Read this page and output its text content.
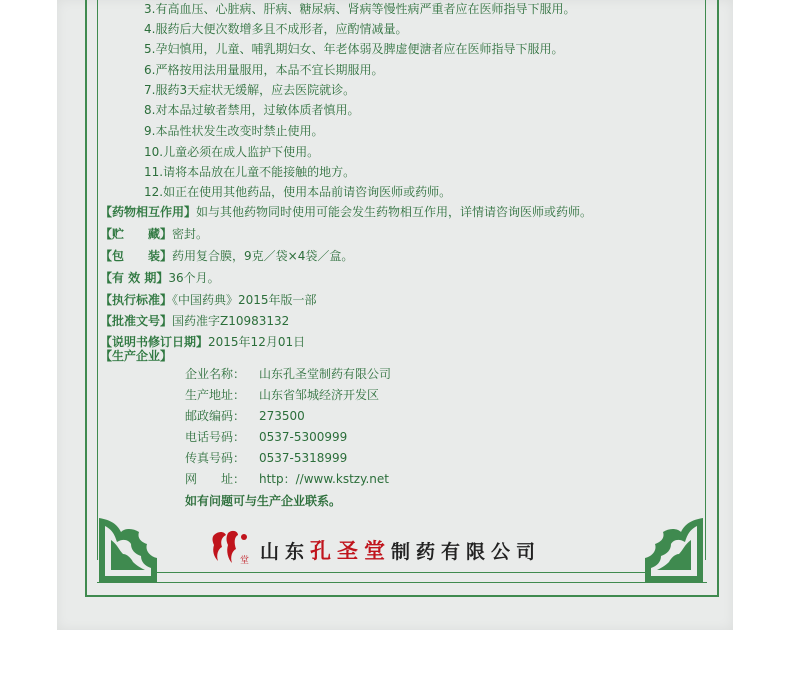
3.有高血压、心脏病、肝病、糖尿病、肾病等慢性病严重者应在医师指导下服用。
4.服药后大便次数增多且不成形者，应酌情减量。
5.孕妇慎用，儿童、哺乳期妇女、年老体弱及脾虚便溏者应在医师指导下服用。
6.严格按用法用量服用，本品不宜长期服用。
7.服药3天症状无缓解，应去医院就诊。
8.对本品过敏者禁用，过敏体质者慎用。
9.本品性状发生改变时禁止使用。
10.儿童必须在成人监护下使用。
11.请将本品放在儿童不能接触的地方。
12.如正在使用其他药品，使用本品前请咨询医师或药师。
【药物相互作用】如与其他药物同时使用可能会发生药物相互作用，详情请咨询医师或药师。
【贮　　藏】密封。
【包　　装】药用复合膜，9克／袋×4袋／盒。
【有 效 期】36个月。
【执行标准】《中国药典》2015年版一部
【批准文号】国药准字Z10983132
【说明书修订日期】2015年12月01日
【生产企业】
企业名称： 山东孔圣堂制药有限公司
生产地址： 山东省邹城经济开发区
邮政编码： 273500
电话号码： 0537-5300999
传真号码： 0537-5318999
网　　址： http：//www.kstzy.net
如有问题可与生产企业联系。
堂 山东孔圣堂制药有限公司
